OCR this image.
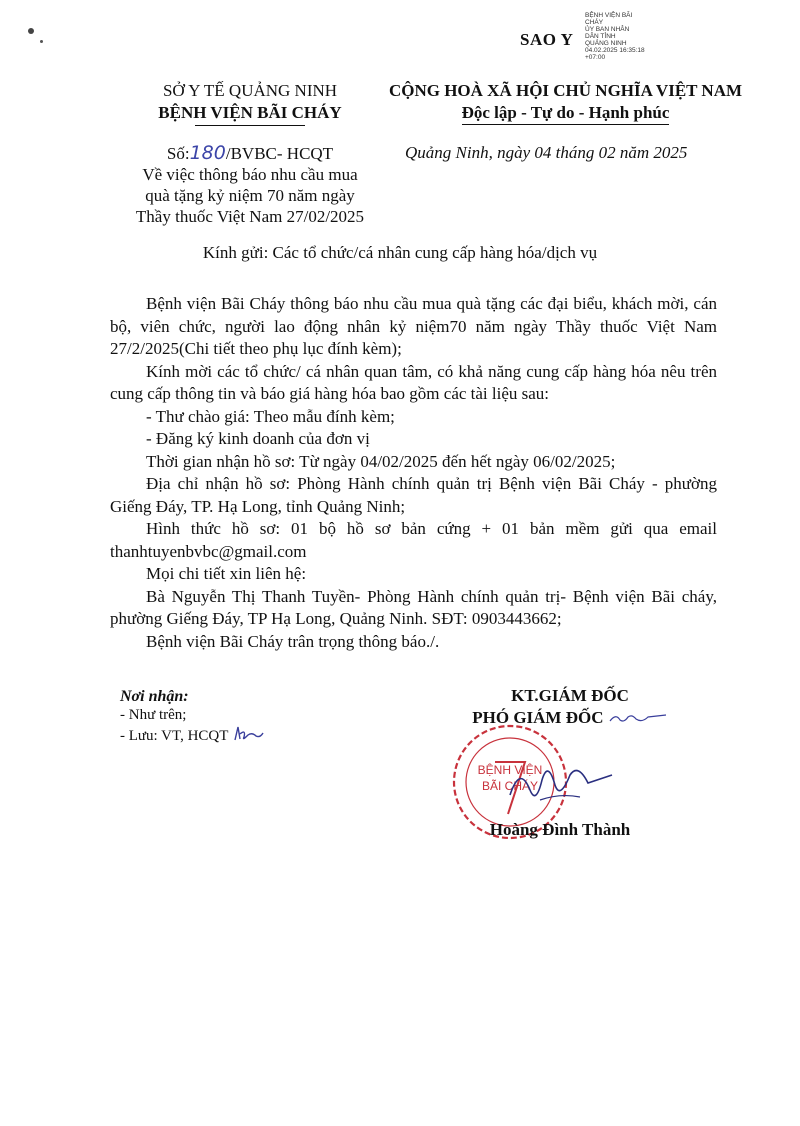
SAO Y
BỆNH VIỆN BÃI
CHÁY
ỦY BAN NHÂN
DÂN TỈNH
QUẢNG NINH
04.02.2025 16:35:18
+07:00
SỞ Y TẾ QUẢNG NINH
BỆNH VIỆN BÃI CHÁY
CỘNG HOÀ XÃ HỘI CHỦ NGHĨA VIỆT NAM
Độc lập - Tự do - Hạnh phúc
Số:180/BVBC- HCQT
Về việc thông báo nhu cầu mua
quà tặng kỷ niệm 70 năm ngày
Thầy thuốc Việt Nam 27/02/2025
Quảng Ninh, ngày 04 tháng 02 năm 2025
Kính gửi: Các tổ chức/cá nhân cung cấp hàng hóa/dịch vụ

Bệnh viện Bãi Cháy thông báo nhu cầu mua quà tặng các đại biểu, khách mời, cán bộ, viên chức, người lao động nhân kỷ niệm70 năm ngày Thầy thuốc Việt Nam 27/2/2025(Chi tiết theo phụ lục đính kèm);

Kính mời các tổ chức/ cá nhân quan tâm, có khả năng cung cấp hàng hóa nêu trên cung cấp thông tin và báo giá hàng hóa bao gồm các tài liệu sau:

- Thư chào giá: Theo mẫu đính kèm;

- Đăng ký kinh doanh của đơn vị

Thời gian nhận hồ sơ: Từ ngày 04/02/2025 đến hết ngày 06/02/2025;

Địa chỉ nhận hồ sơ: Phòng Hành chính quản trị Bệnh viện Bãi Cháy - phường Giếng Đáy, TP. Hạ Long, tỉnh Quảng Ninh;

Hình thức hồ sơ: 01 bộ hồ sơ bản cứng + 01 bản mềm gửi qua email thanhtuyenbvbc@gmail.com

Mọi chi tiết xin liên hệ:

Bà Nguyễn Thị Thanh Tuyền- Phòng Hành chính quản trị- Bệnh viện Bãi cháy, phường Giếng Đáy, TP Hạ Long, Quảng Ninh. SĐT: 0903443662;

Bệnh viện Bãi Cháy trân trọng thông báo./.

Nơi nhận:
- Như trên;
- Lưu: VT, HCQT
KT.GIÁM ĐỐC
PHÓ GIÁM ĐỐC
BỆNH VIỆN
BÃI CHÁY
Hoàng Đình Thành
